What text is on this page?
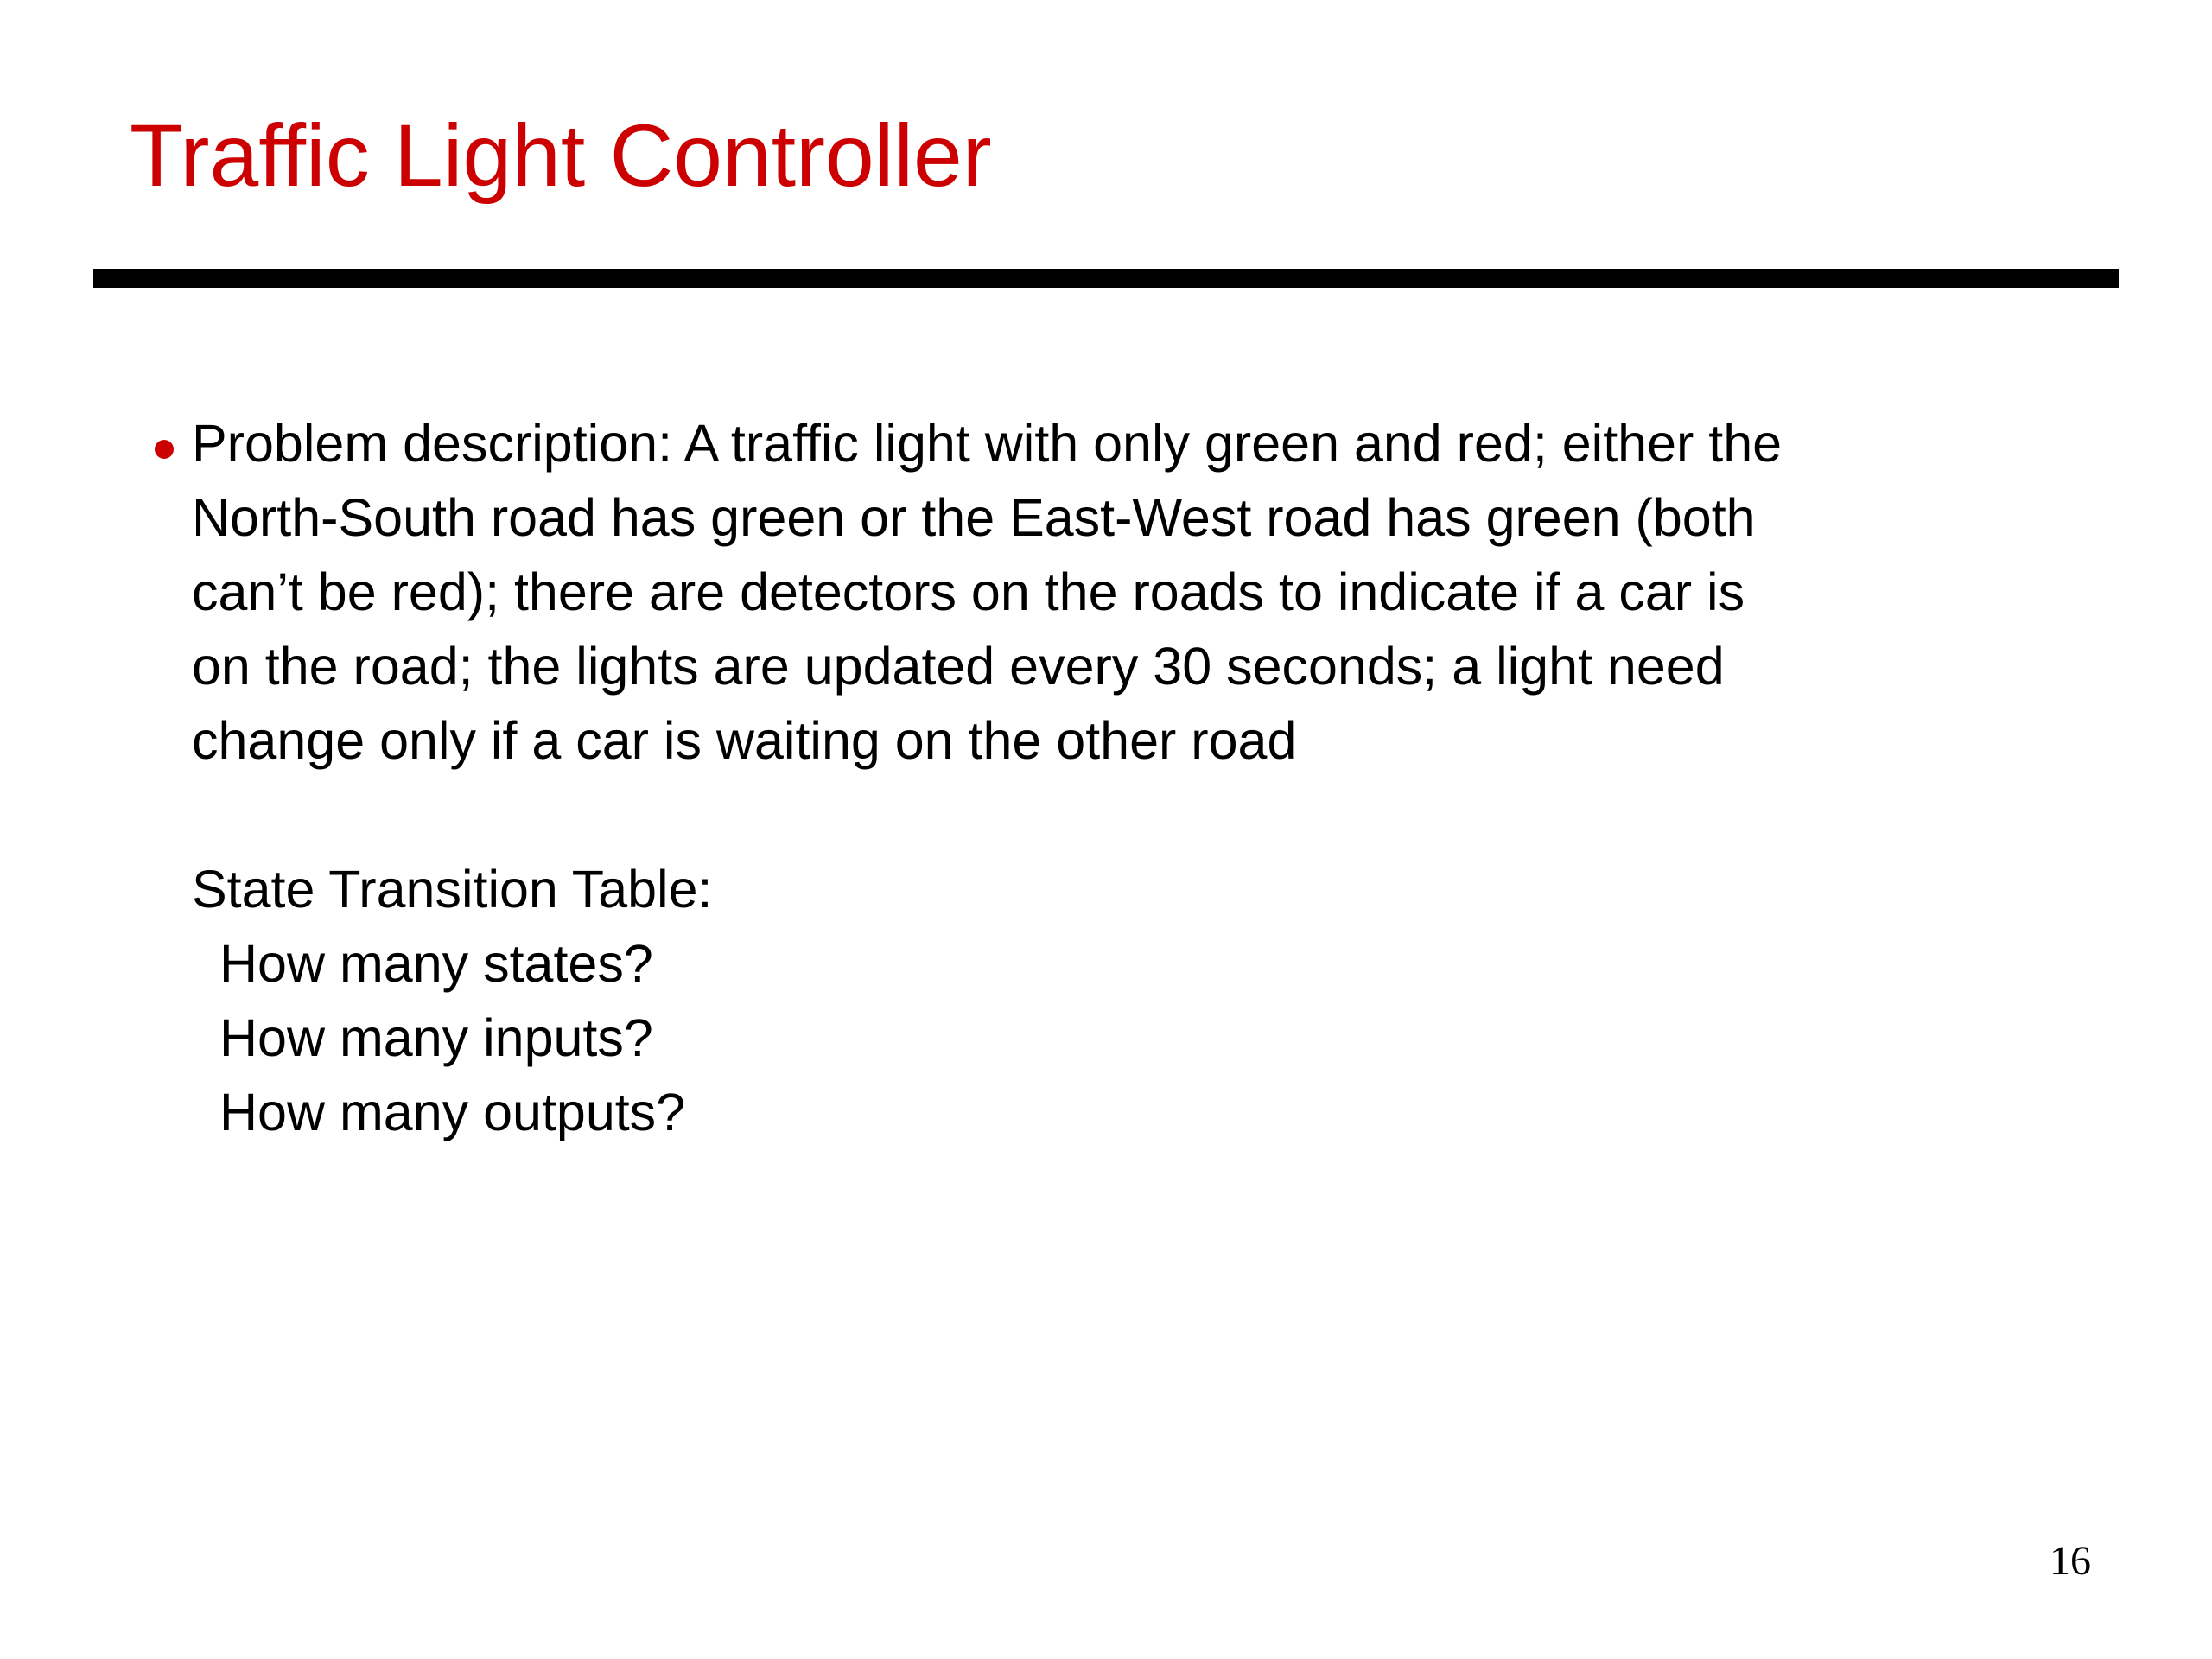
Traffic Light Controller

Problem description: A traffic light with only green and red; either the

North-South road has green or the East-West road has green (both

can’t be red); there are detectors on the roads to indicate if a car is

on the road; the lights are updated every 30 seconds; a light need

change only if a car is waiting on the other road

State Transition Table:

How many states?

How many inputs?

How many outputs?

16
